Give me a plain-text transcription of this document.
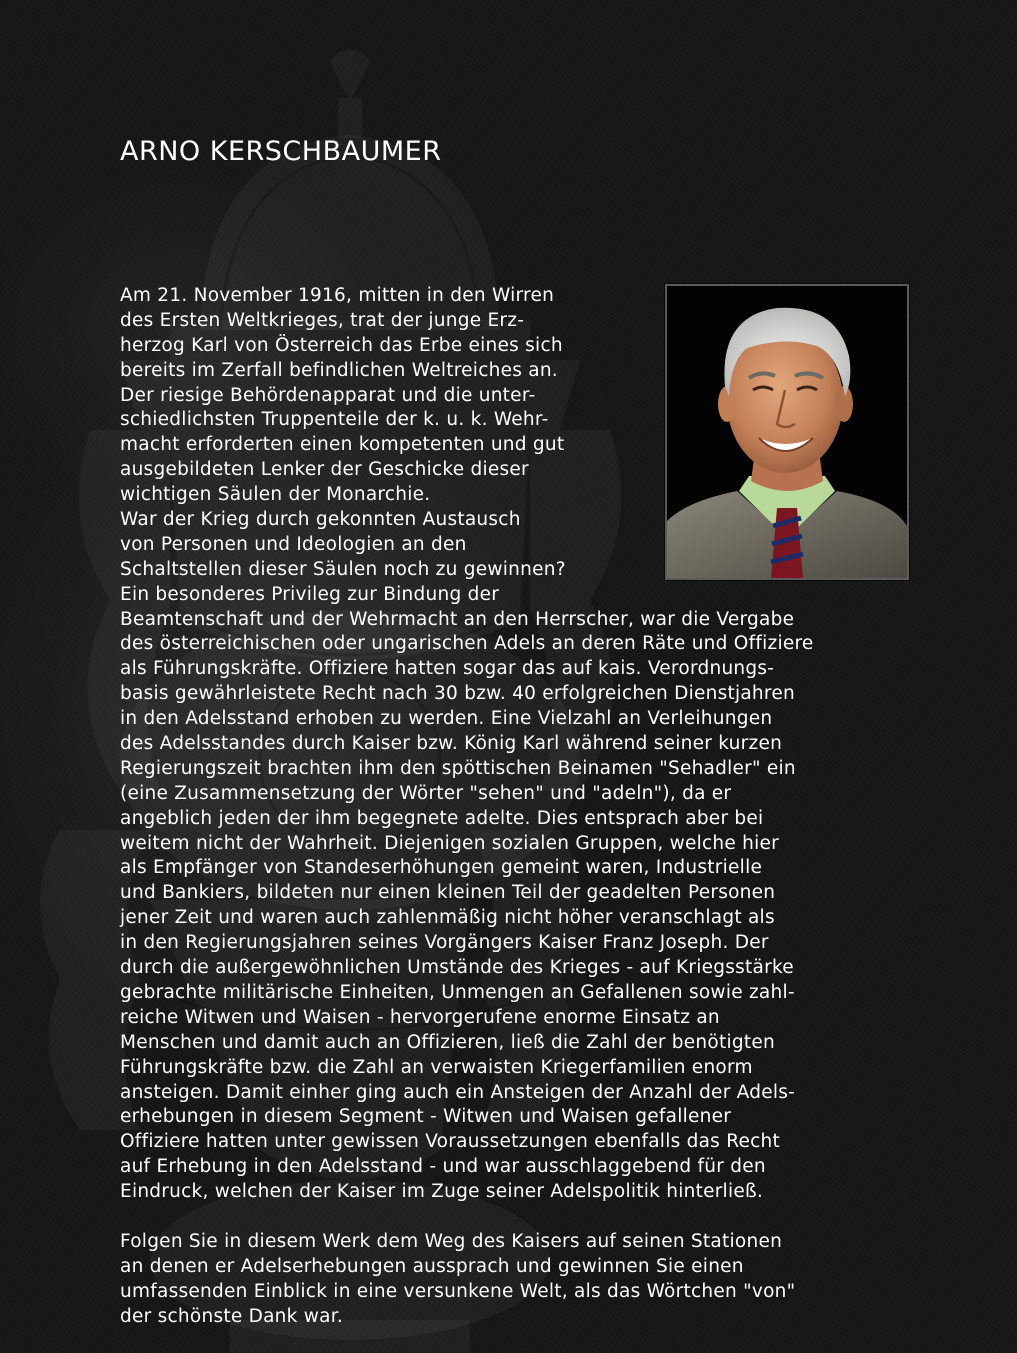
ARNO KERSCHBAUMER
Am 21. November 1916, mitten in den Wirren
des Ersten Weltkrieges, trat der junge Erz-
herzog Karl von Österreich das Erbe eines sich
bereits im Zerfall befindlichen Weltreiches an.
Der riesige Behördenapparat und die unter-
schiedlichsten Truppenteile der k. u. k. Wehr-
macht erforderten einen kompetenten und gut
ausgebildeten Lenker der Geschicke dieser
wichtigen Säulen der Monarchie.
War der Krieg durch gekonnten Austausch
von Personen und Ideologien an den
Schaltstellen dieser Säulen noch zu gewinnen?
Ein besonderes Privileg zur Bindung der
Beamtenschaft und der Wehrmacht an den Herrscher, war die Vergabe
des österreichischen oder ungarischen Adels an deren Räte und Offiziere
als Führungskräfte. Offiziere hatten sogar das auf kais. Verordnungs-
basis gewährleistete Recht nach 30 bzw. 40 erfolgreichen Dienstjahren
in den Adelsstand erhoben zu werden. Eine Vielzahl an Verleihungen
des Adelsstandes durch Kaiser bzw. König Karl während seiner kurzen
Regierungszeit brachten ihm den spöttischen Beinamen "Sehadler" ein
(eine Zusammensetzung der Wörter "sehen" und "adeln"), da er
angeblich jeden der ihm begegnete adelte. Dies entsprach aber bei
weitem nicht der Wahrheit. Diejenigen sozialen Gruppen, welche hier
als Empfänger von Standeserhöhungen gemeint waren, Industrielle
und Bankiers, bildeten nur einen kleinen Teil der geadelten Personen
jener Zeit und waren auch zahlenmäßig nicht höher veranschlagt als
in den Regierungsjahren seines Vorgängers Kaiser Franz Joseph. Der
durch die außergewöhnlichen Umstände des Krieges - auf Kriegsstärke
gebrachte militärische Einheiten, Unmengen an Gefallenen sowie zahl-
reiche Witwen und Waisen - hervorgerufene enorme Einsatz an
Menschen und damit auch an Offizieren, ließ die Zahl der benötigten
Führungskräfte bzw. die Zahl an verwaisten Kriegerfamilien enorm
ansteigen. Damit einher ging auch ein Ansteigen der Anzahl der Adels-
erhebungen in diesem Segment - Witwen und Waisen gefallener
Offiziere hatten unter gewissen Voraussetzungen ebenfalls das Recht
auf Erhebung in den Adelsstand - und war ausschlaggebend für den
Eindruck, welchen der Kaiser im Zuge seiner Adelspolitik hinterließ.
Folgen Sie in diesem Werk dem Weg des Kaisers auf seinen Stationen
an denen er Adelserhebungen aussprach und gewinnen Sie einen
umfassenden Einblick in eine versunkene Welt, als das Wörtchen "von"
der schönste Dank war.
